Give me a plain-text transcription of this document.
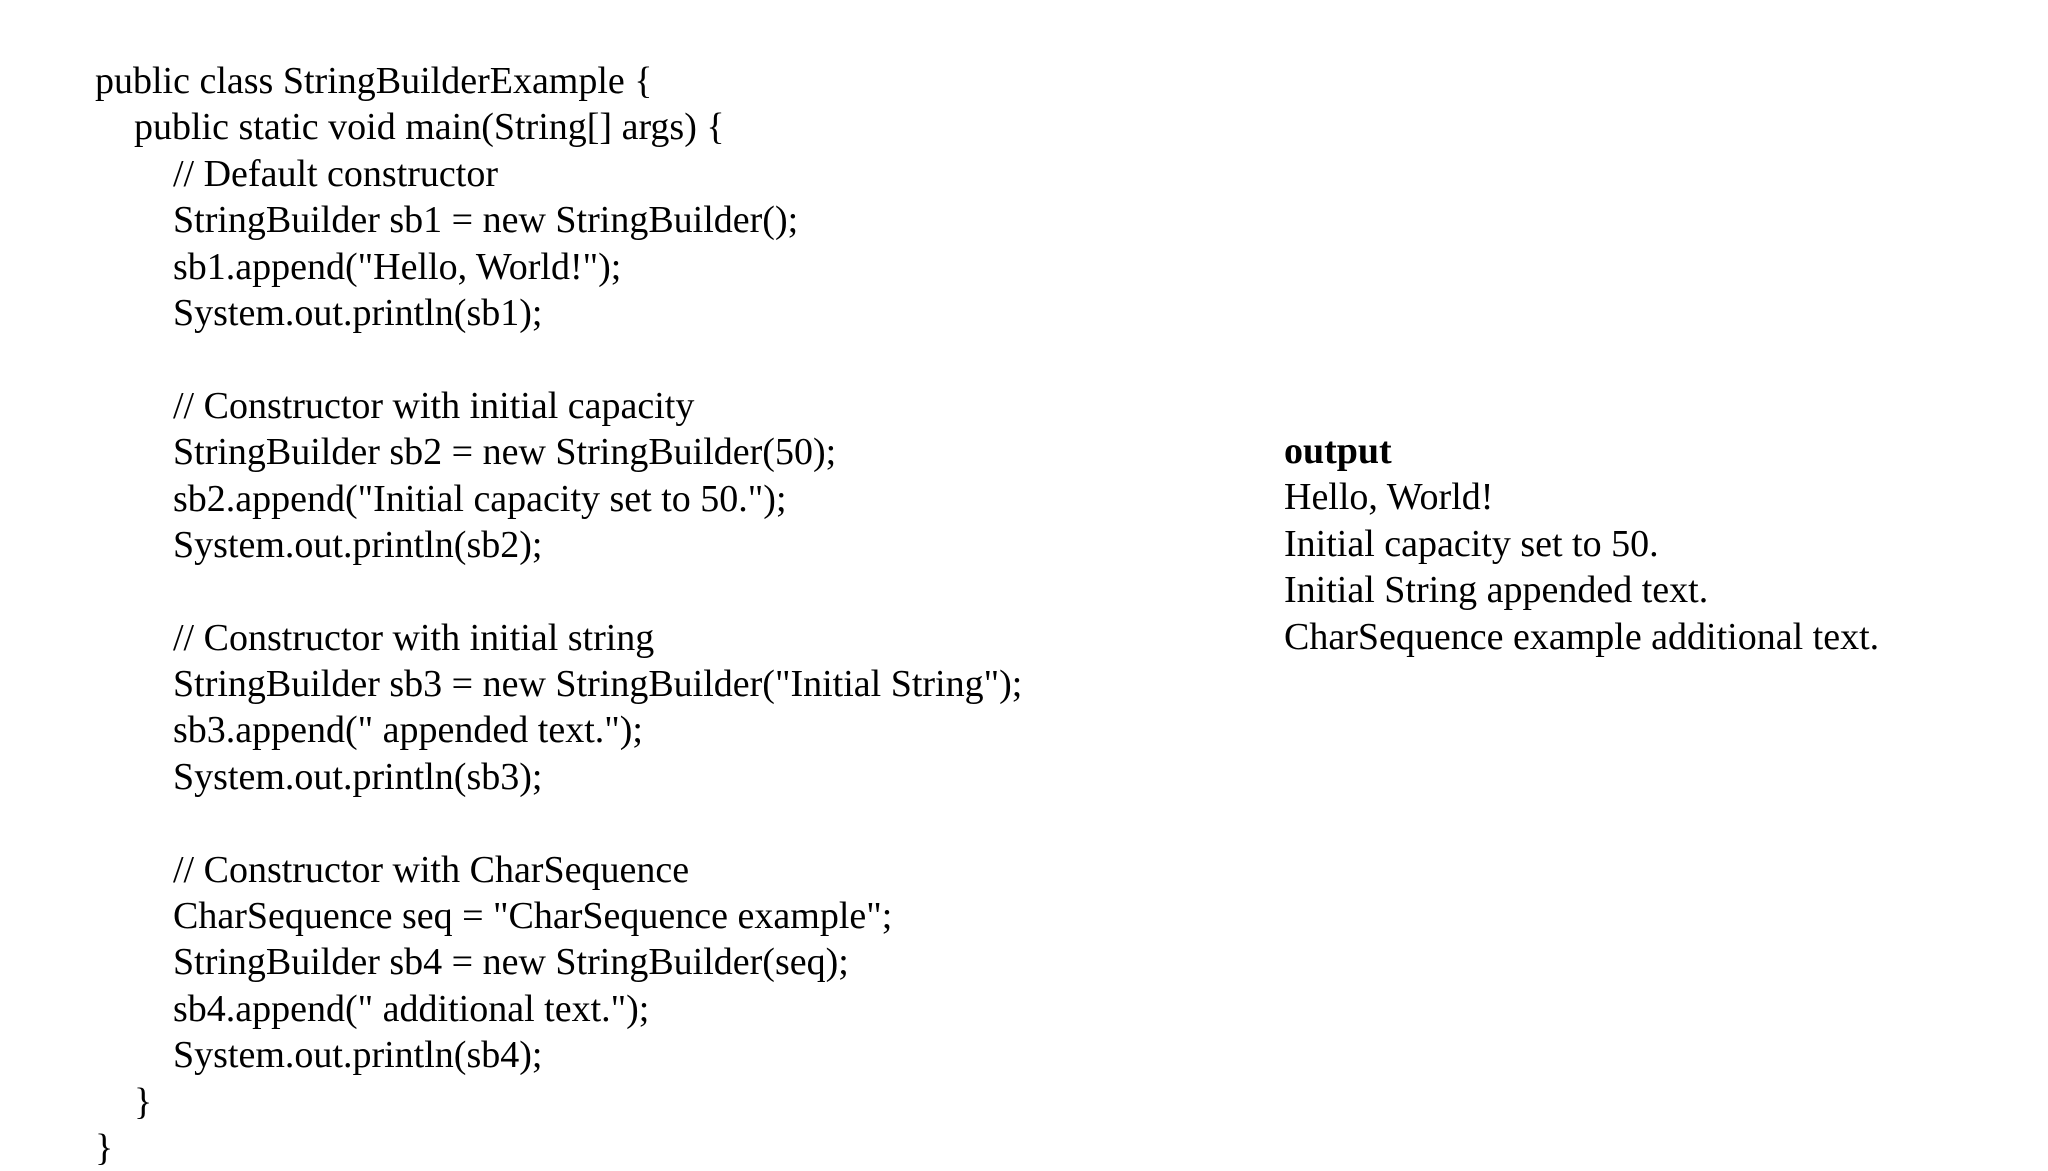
public class StringBuilderExample {
public static void main(String[] args) {
// Default constructor
StringBuilder sb1 = new StringBuilder();
sb1.append("Hello, World!");
System.out.println(sb1);
// Constructor with initial capacity
StringBuilder sb2 = new StringBuilder(50);
sb2.append("Initial capacity set to 50.");
System.out.println(sb2);
// Constructor with initial string
StringBuilder sb3 = new StringBuilder("Initial String");
sb3.append(" appended text.");
System.out.println(sb3);
// Constructor with CharSequence
CharSequence seq = "CharSequence example";
StringBuilder sb4 = new StringBuilder(seq);
sb4.append(" additional text.");
System.out.println(sb4);
}
}
output
Hello, World!
Initial capacity set to 50.
Initial String appended text.
CharSequence example additional text.
